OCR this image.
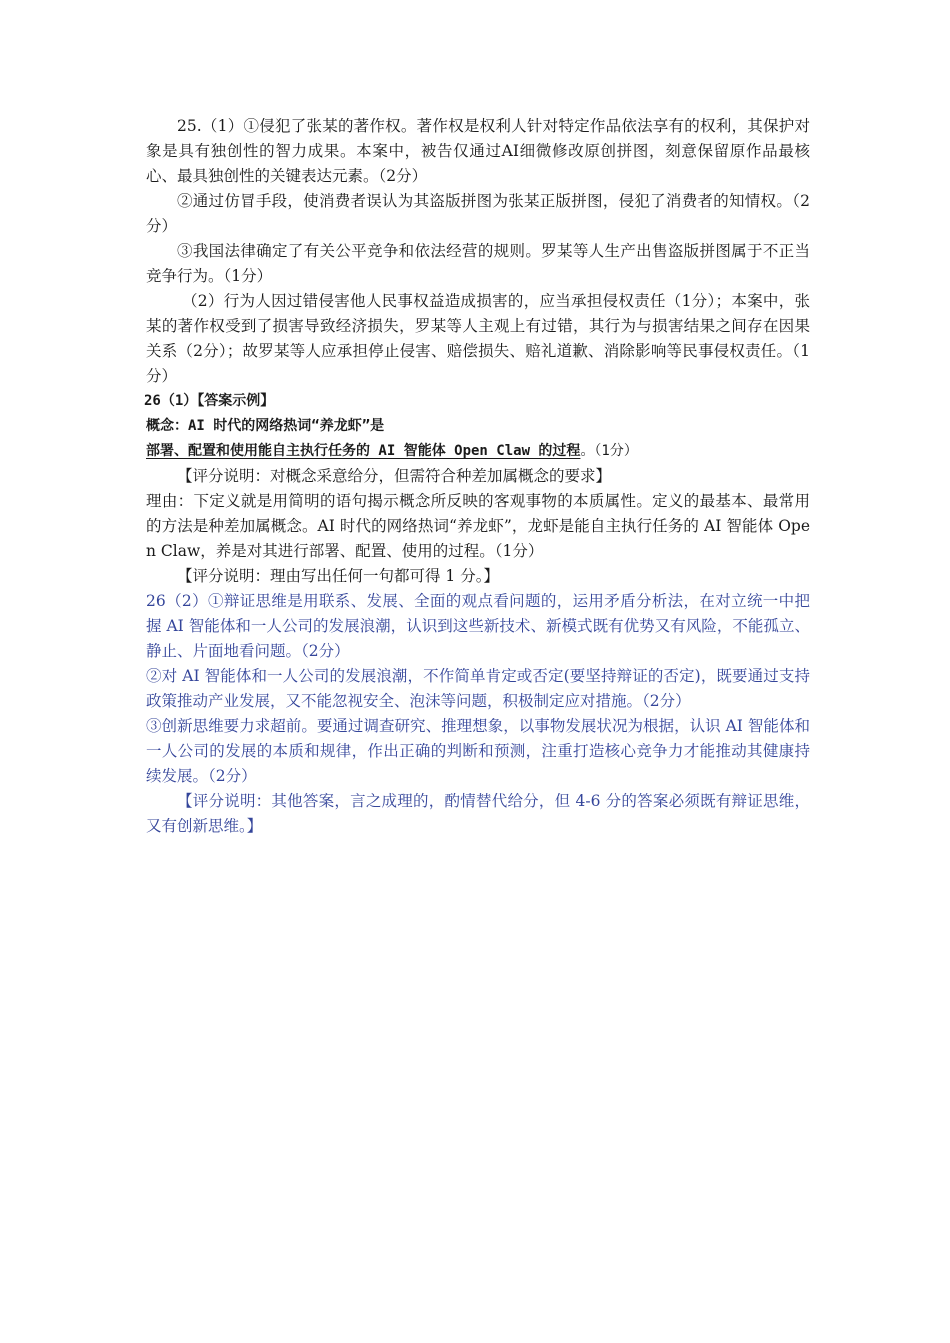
25.（1）①侵犯了张某的著作权。著作权是权利人针对特定作品依法享有的权利，其保护对象是具有独创性的智力成果。本案中，被告仅通过AI细微修改原创拼图，刻意保留原作品最核心、最具独创性的关键表达元素。（2分）

②通过仿冒手段，使消费者误认为其盗版拼图为张某正版拼图，侵犯了消费者的知情权。（2分）

③我国法律确定了有关公平竞争和依法经营的规则。罗某等人生产出售盗版拼图属于不正当竞争行为。（1分）

（2）行为人因过错侵害他人民事权益造成损害的，应当承担侵权责任（1分）；本案中，张某的著作权受到了损害导致经济损失，罗某等人主观上有过错，其行为与损害结果之间存在因果关系（2分）；故罗某等人应承担停止侵害、赔偿损失、赔礼道歉、消除影响等民事侵权责任。（1分）

26（1）【答案示例】

概念：AI 时代的网络热词“养龙虾”是

部署、配置和使用能自主执行任务的 AI 智能体 Open Claw 的过程。（1分）

【评分说明：对概念采意给分，但需符合种差加属概念的要求】

理由：下定义就是用简明的语句揭示概念所反映的客观事物的本质属性。定义的最基本、最常用的方法是种差加属概念。AI 时代的网络热词“养龙虾”，龙虾是能自主执行任务的 AI 智能体 Open Claw，养是对其进行部署、配置、使用的过程。（1分）

【评分说明：理由写出任何一句都可得 1 分。】

26（2）①辩证思维是用联系、发展、全面的观点看问题的，运用矛盾分析法，在对立统一中把握 AI 智能体和一人公司的发展浪潮，认识到这些新技术、新模式既有优势又有风险，不能孤立、静止、片面地看问题。（2分）

②对 AI 智能体和一人公司的发展浪潮，不作简单肯定或否定(要坚持辩证的否定)，既要通过支持政策推动产业发展，又不能忽视安全、泡沫等问题，积极制定应对措施。（2分）

③创新思维要力求超前。要通过调查研究、推理想象，以事物发展状况为根据，认识 AI 智能体和一人公司的发展的本质和规律，作出正确的判断和预测，注重打造核心竞争力才能推动其健康持续发展。（2分）

【评分说明：其他答案，言之成理的，酌情替代给分，但 4-6 分的答案必须既有辩证思维，又有创新思维。】
